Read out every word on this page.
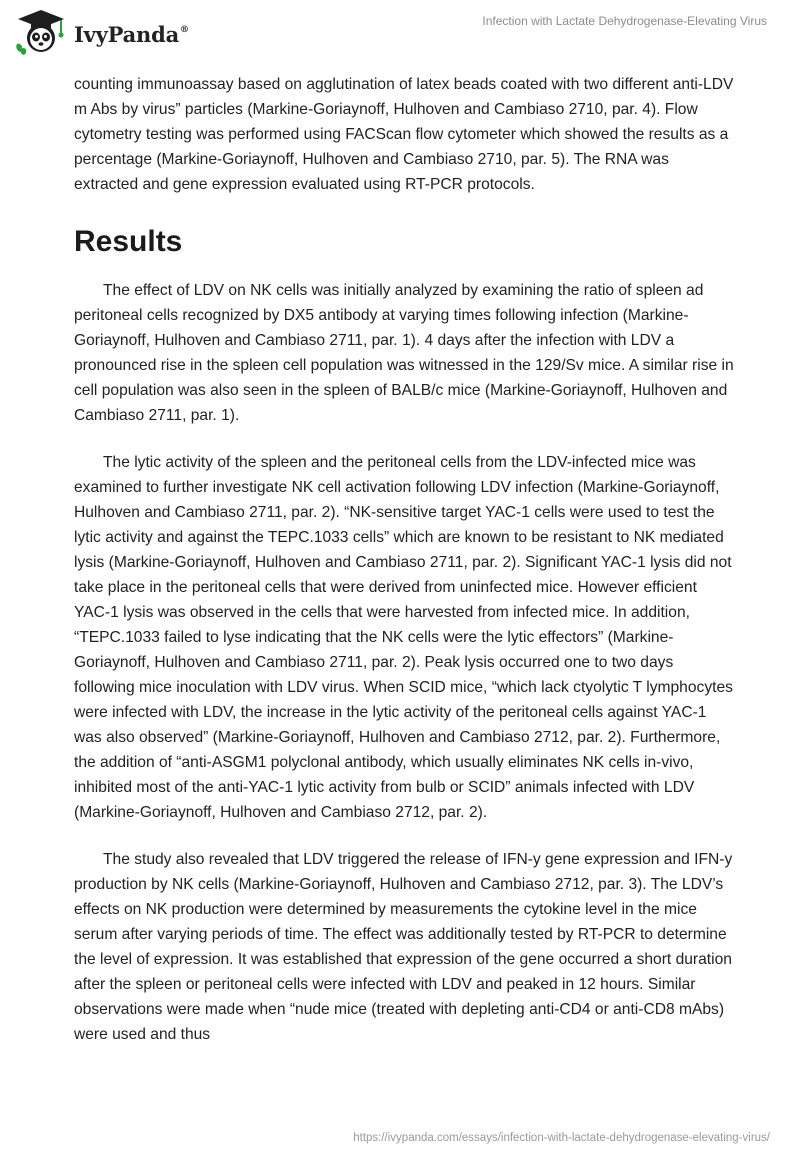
IvyPanda®
Infection with Lactate Dehydrogenase-Elevating Virus

counting immunoassay based on agglutination of latex beads coated with two different anti-LDV m Abs by virus” particles (Markine-Goriaynoff, Hulhoven and Cambiaso 2710, par. 4). Flow cytometry testing was performed using FACScan flow cytometer which showed the results as a percentage (Markine-Goriaynoff, Hulhoven and Cambiaso 2710, par. 5). The RNA was extracted and gene expression evaluated using RT-PCR protocols.

Results

The effect of LDV on NK cells was initially analyzed by examining the ratio of spleen ad peritoneal cells recognized by DX5 antibody at varying times following infection (Markine-Goriaynoff, Hulhoven and Cambiaso 2711, par. 1). 4 days after the infection with LDV a pronounced rise in the spleen cell population was witnessed in the 129/Sv mice. A similar rise in cell population was also seen in the spleen of BALB/c mice (Markine-Goriaynoff, Hulhoven and Cambiaso 2711, par. 1).

The lytic activity of the spleen and the peritoneal cells from the LDV-infected mice was examined to further investigate NK cell activation following LDV infection (Markine-Goriaynoff, Hulhoven and Cambiaso 2711, par. 2). “NK-sensitive target YAC-1 cells were used to test the lytic activity and against the TEPC.1033 cells” which are known to be resistant to NK mediated lysis (Markine-Goriaynoff, Hulhoven and Cambiaso 2711, par. 2). Significant YAC-1 lysis did not take place in the peritoneal cells that were derived from uninfected mice. However efficient YAC-1 lysis was observed in the cells that were harvested from infected mice. In addition, “TEPC.1033 failed to lyse indicating that the NK cells were the lytic effectors” (Markine-Goriaynoff, Hulhoven and Cambiaso 2711, par. 2). Peak lysis occurred one to two days following mice inoculation with LDV virus. When SCID mice, “which lack ctyolytic T lymphocytes were infected with LDV, the increase in the lytic activity of the peritoneal cells against YAC-1 was also observed” (Markine-Goriaynoff, Hulhoven and Cambiaso 2712, par. 2). Furthermore, the addition of “anti-ASGM1 polyclonal antibody, which usually eliminates NK cells in-vivo, inhibited most of the anti-YAC-1 lytic activity from bulb or SCID” animals infected with LDV (Markine-Goriaynoff, Hulhoven and Cambiaso 2712, par. 2).

The study also revealed that LDV triggered the release of IFN-y gene expression and IFN-y production by NK cells (Markine-Goriaynoff, Hulhoven and Cambiaso 2712, par. 3). The LDV’s effects on NK production were determined by measurements the cytokine level in the mice serum after varying periods of time. The effect was additionally tested by RT-PCR to determine the level of expression. It was established that expression of the gene occurred a short duration after the spleen or peritoneal cells were infected with LDV and peaked in 12 hours. Similar observations were made when “nude mice (treated with depleting anti-CD4 or anti-CD8 mAbs) were used and thus

https://ivypanda.com/essays/infection-with-lactate-dehydrogenase-elevating-virus/
